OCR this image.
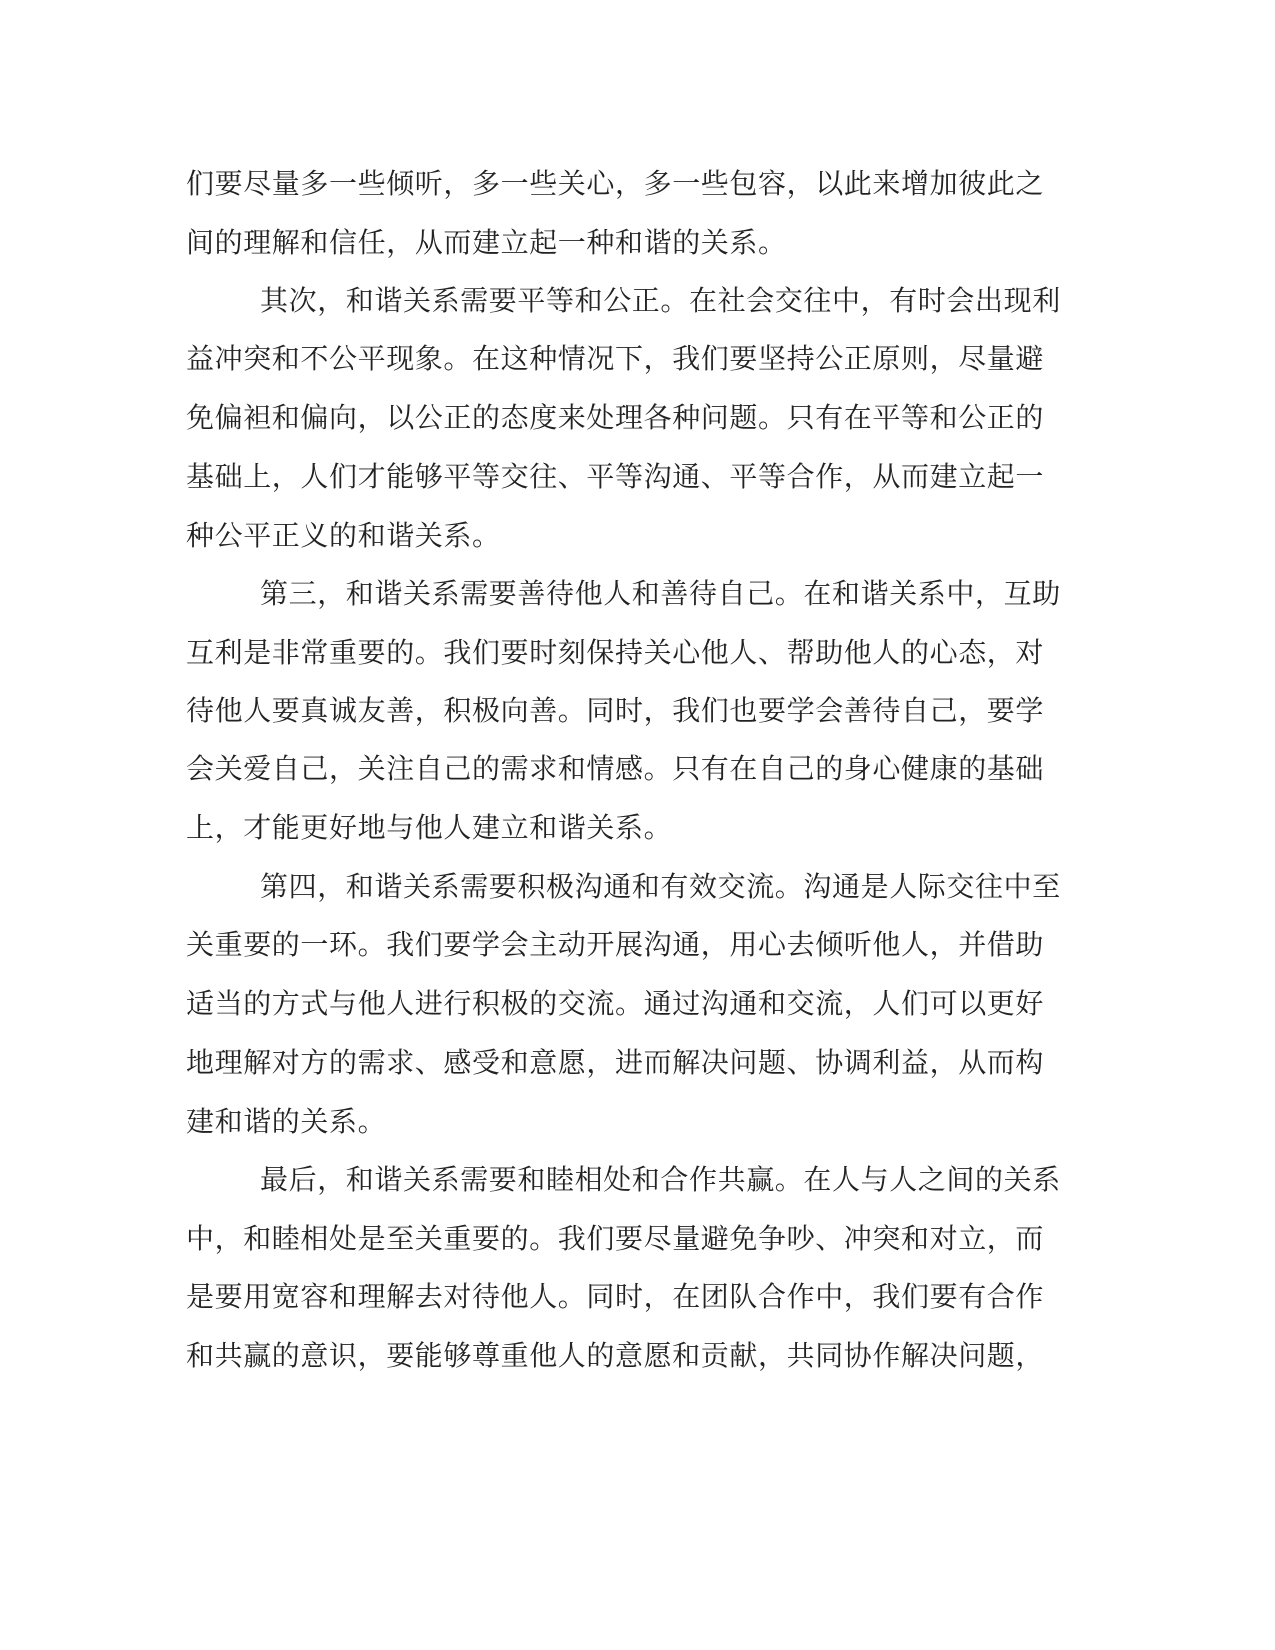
们要尽量多一些倾听，多一些关心，多一些包容，以此来增加彼此之
间的理解和信任，从而建立起一种和谐的关系。
其次，和谐关系需要平等和公正。在社会交往中，有时会出现利
益冲突和不公平现象。在这种情况下，我们要坚持公正原则，尽量避
免偏袒和偏向，以公正的态度来处理各种问题。只有在平等和公正的
基础上，人们才能够平等交往、平等沟通、平等合作，从而建立起一
种公平正义的和谐关系。
第三，和谐关系需要善待他人和善待自己。在和谐关系中，互助
互利是非常重要的。我们要时刻保持关心他人、帮助他人的心态，对
待他人要真诚友善，积极向善。同时，我们也要学会善待自己，要学
会关爱自己，关注自己的需求和情感。只有在自己的身心健康的基础
上，才能更好地与他人建立和谐关系。
第四，和谐关系需要积极沟通和有效交流。沟通是人际交往中至
关重要的一环。我们要学会主动开展沟通，用心去倾听他人，并借助
适当的方式与他人进行积极的交流。通过沟通和交流，人们可以更好
地理解对方的需求、感受和意愿，进而解决问题、协调利益，从而构
建和谐的关系。
最后，和谐关系需要和睦相处和合作共赢。在人与人之间的关系
中，和睦相处是至关重要的。我们要尽量避免争吵、冲突和对立，而
是要用宽容和理解去对待他人。同时，在团队合作中，我们要有合作
和共赢的意识，要能够尊重他人的意愿和贡献，共同协作解决问题，
